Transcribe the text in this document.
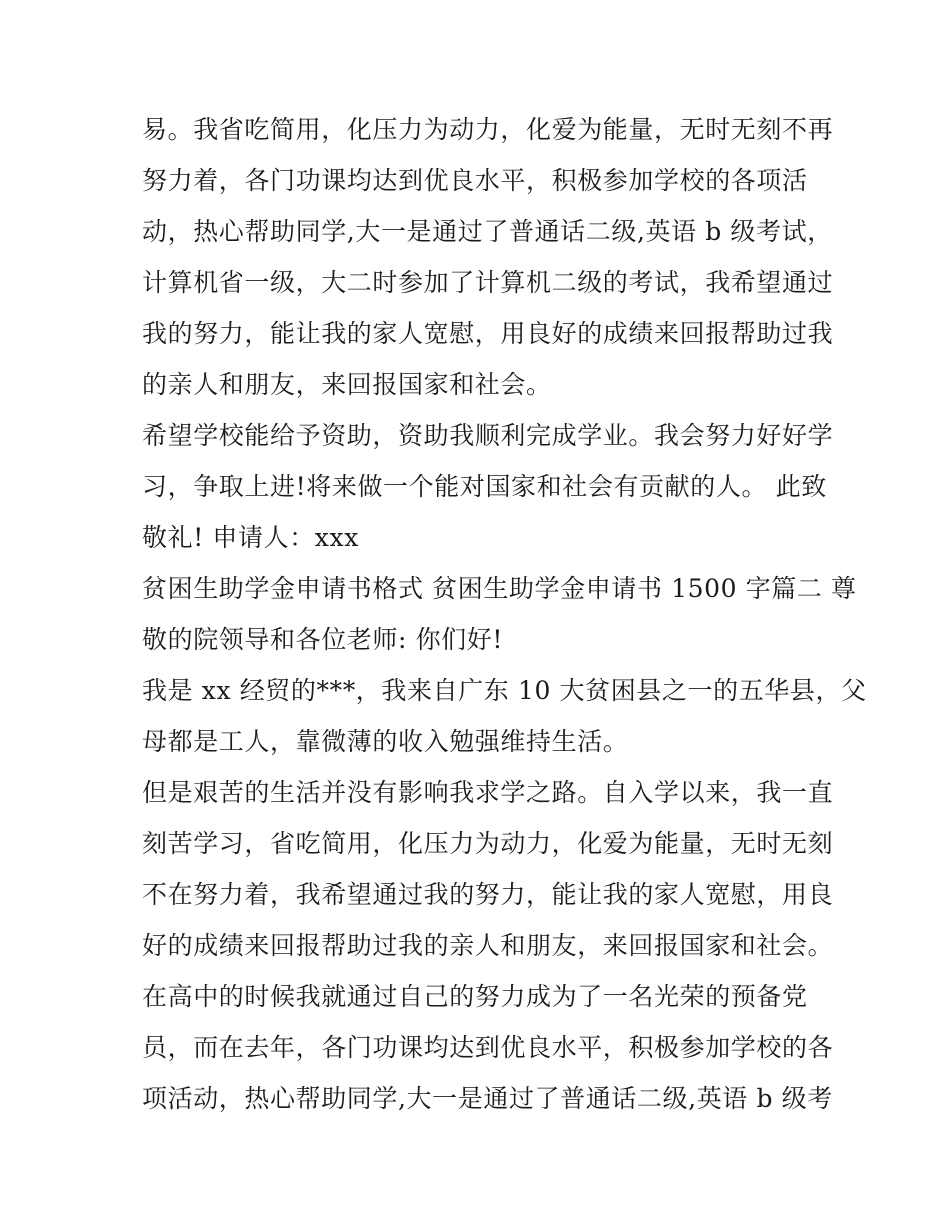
易。我省吃简用，化压力为动力，化爱为能量，无时无刻不再
努力着，各门功课均达到优良水平，积极参加学校的各项活
动，热心帮助同学,大一是通过了普通话二级,英语 b 级考试，
计算机省一级，大二时参加了计算机二级的考试，我希望通过
我的努力，能让我的家人宽慰，用良好的成绩来回报帮助过我
的亲人和朋友，来回报国家和社会。
希望学校能给予资助，资助我顺利完成学业。我会努力好好学
习，争取上进!将来做一个能对国家和社会有贡献的人。 此致
敬礼! 申请人：xxx
贫困生助学金申请书格式 贫困生助学金申请书 1500 字篇二 尊
敬的院领导和各位老师: 你们好!
我是 xx 经贸的***，我来自广东 10 大贫困县之一的五华县，父
母都是工人，靠微薄的收入勉强维持生活。
但是艰苦的生活并没有影响我求学之路。自入学以来，我一直
刻苦学习，省吃简用，化压力为动力，化爱为能量，无时无刻
不在努力着，我希望通过我的努力，能让我的家人宽慰，用良
好的成绩来回报帮助过我的亲人和朋友，来回报国家和社会。
在高中的时候我就通过自己的努力成为了一名光荣的预备党
员，而在去年，各门功课均达到优良水平，积极参加学校的各
项活动，热心帮助同学,大一是通过了普通话二级,英语 b 级考
